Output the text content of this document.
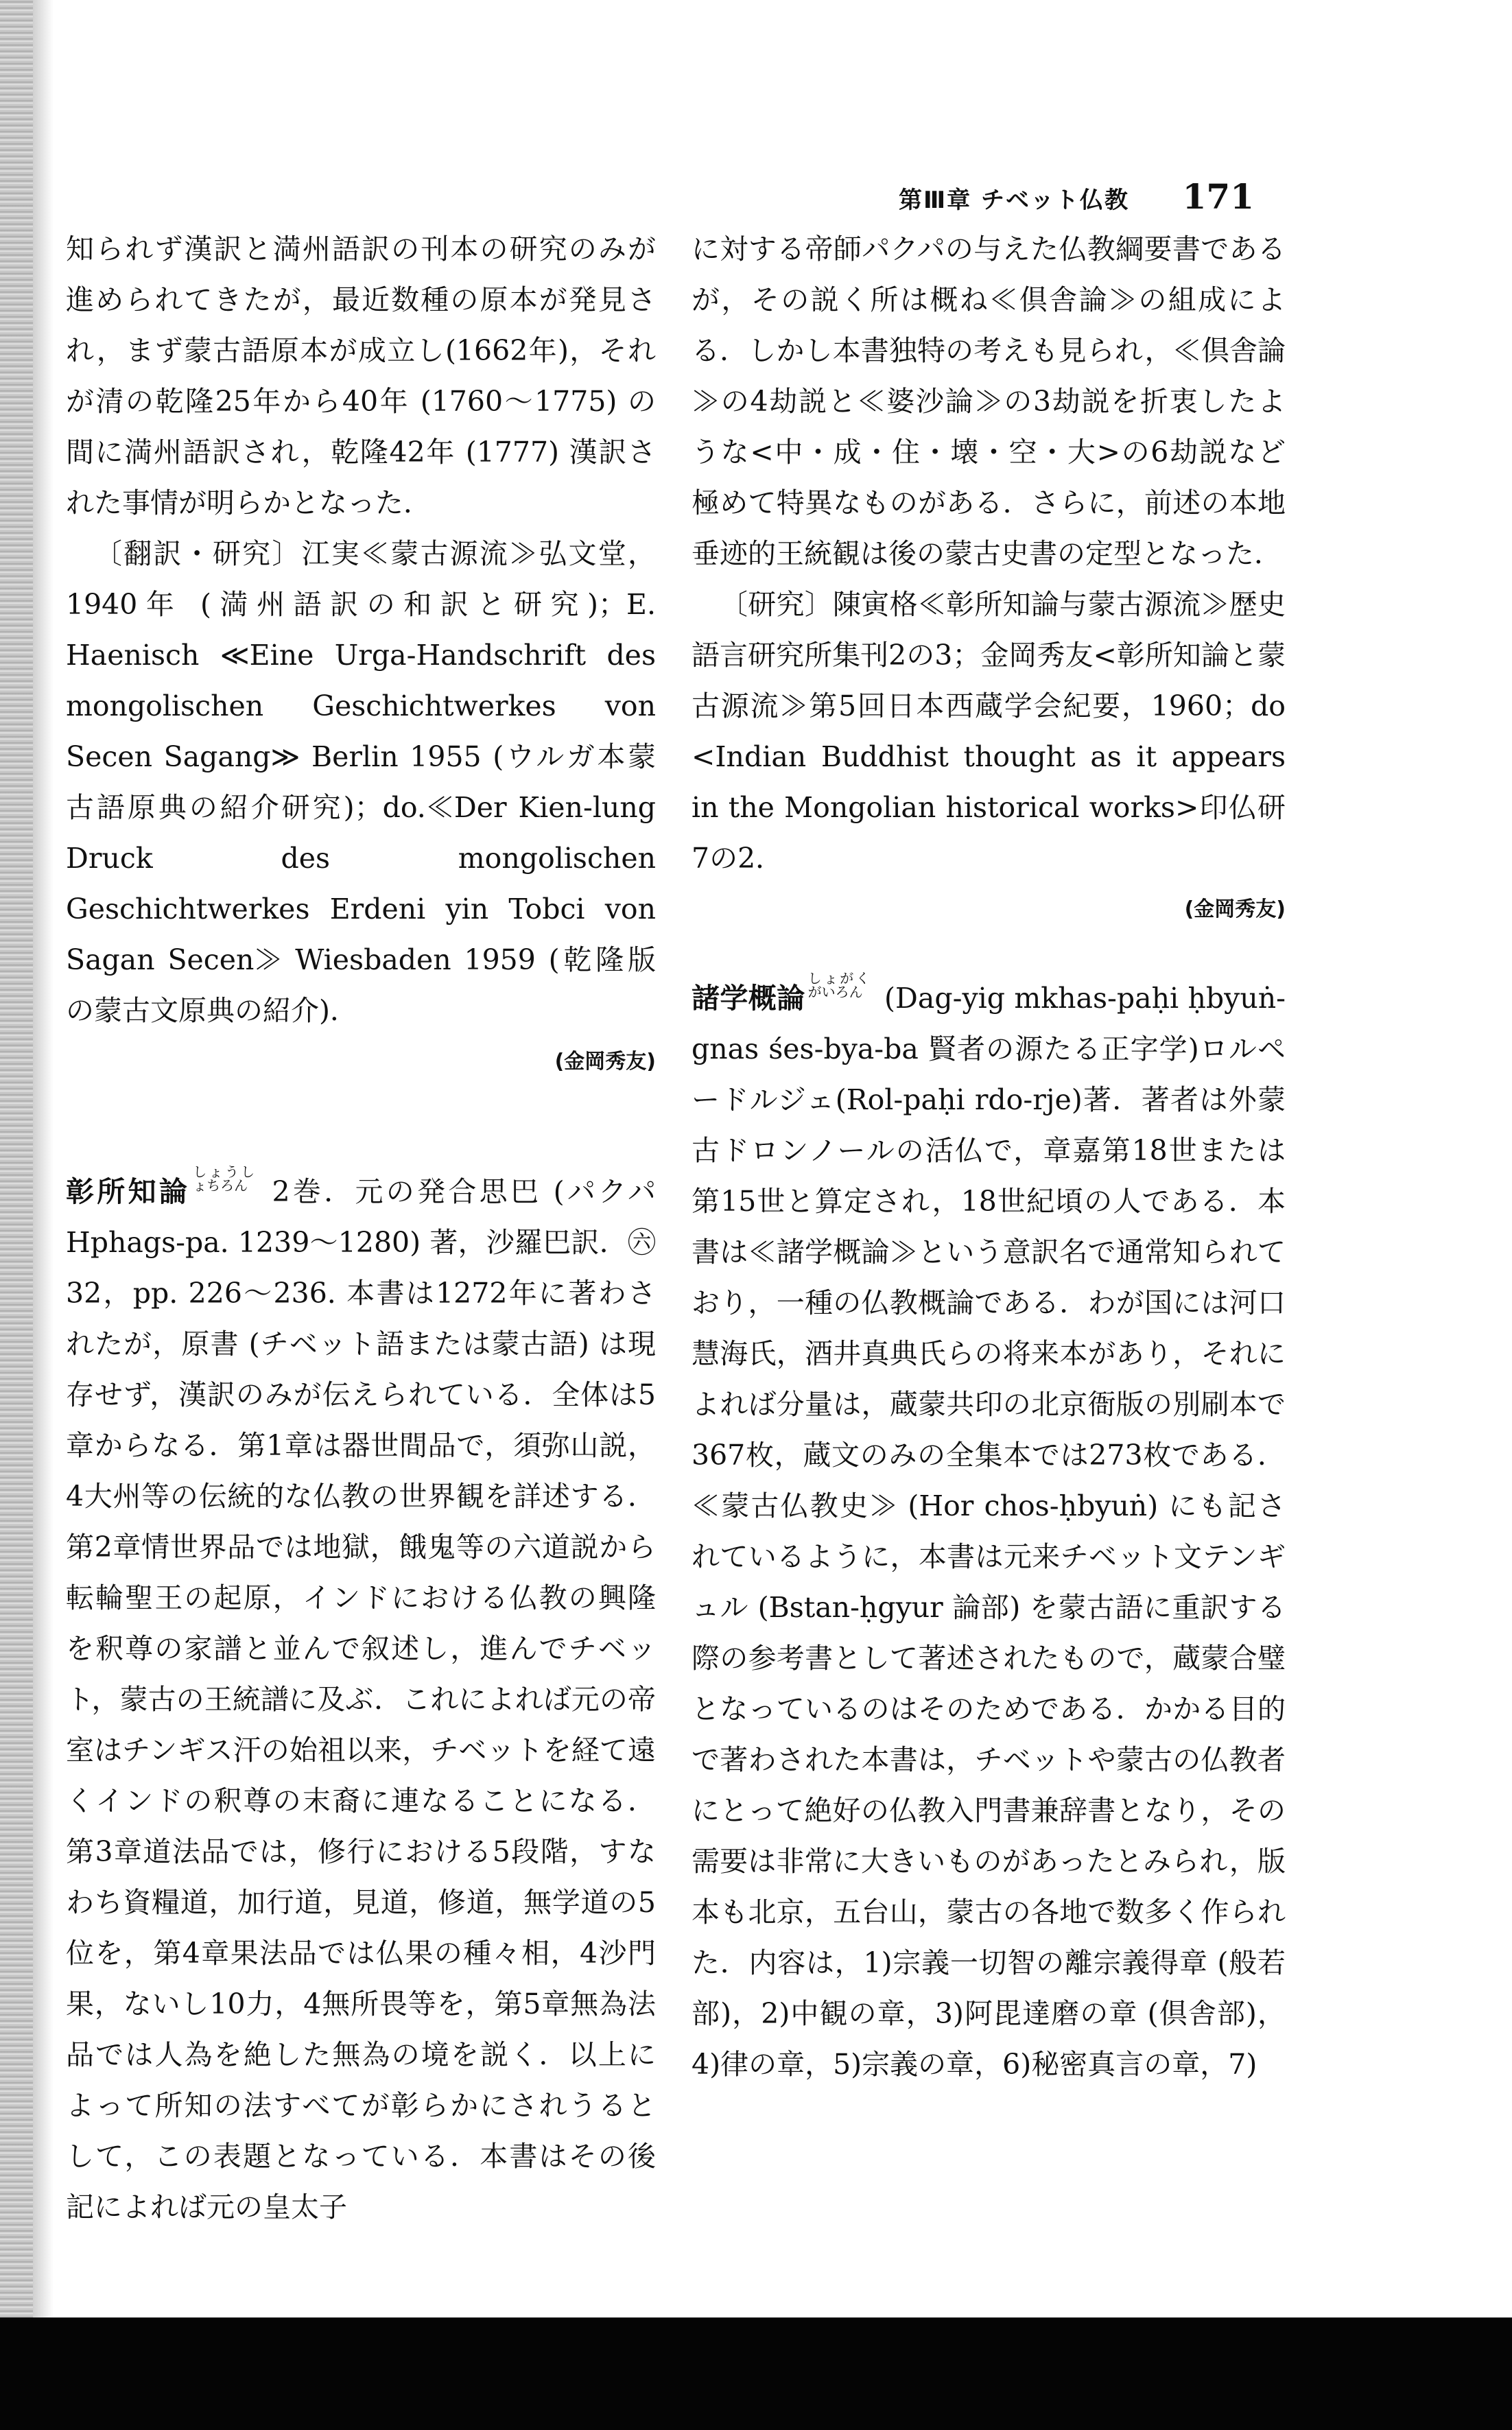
第Ⅲ章 チベット仏教	171

知られず漢訳と満州語訳の刊本の研究のみが進められてきたが，最近数種の原本が発見され，まず蒙古語原本が成立し(1662年)，それが清の乾隆25年から40年 (1760～1775) の間に満州語訳され，乾隆42年 (1777) 漢訳された事情が明らかとなった．

〔翻訳・研究〕江実≪蒙古源流≫弘文堂，1940年 (満州語訳の和訳と研究)；E. Haenisch ≪Eine Urga-Handschrift des mongolischen Geschichtwerkes von Secen Sagang≫ Berlin 1955 (ウルガ本蒙古語原典の紹介研究)；do.≪Der Kien-lung Druck des mongolischen Geschichtwerkes Erdeni yin Tobci von Sagan Secen≫ Wiesbaden 1959 (乾隆版の蒙古文原典の紹介)．

(金岡秀友)

彰所知論しょうしょちろん 2巻．元の発合思巴 (パクパ Hphags-pa. 1239～1280) 著，沙羅巴訳．㊅ 32，pp. 226～236. 本書は1272年に著わされたが，原書 (チベット語または蒙古語) は現存せず，漢訳のみが伝えられている．全体は5章からなる．第1章は器世間品で，須弥山説，4大州等の伝統的な仏教の世界観を詳述する．第2章情世界品では地獄，餓鬼等の六道説から転輪聖王の起原，インドにおける仏教の興隆を釈尊の家譜と並んで叙述し，進んでチベット，蒙古の王統譜に及ぶ．これによれば元の帝室はチンギス汗の始祖以来，チベットを経て遠くインドの釈尊の末裔に連なることになる．第3章道法品では，修行における5段階，すなわち資糧道，加行道，見道，修道，無学道の5位を，第4章果法品では仏果の種々相，4沙門果，ないし10力，4無所畏等を，第5章無為法品では人為を絶した無為の境を説く．以上によって所知の法すべてが彰らかにされうるとして，この表題となっている．本書はその後記によれば元の皇太子

に対する帝師パクパの与えた仏教綱要書であるが，その説く所は概ね≪倶舎論≫の組成による．しかし本書独特の考えも見られ，≪倶舎論≫の4劫説と≪婆沙論≫の3劫説を折衷したような<中・成・住・壊・空・大>の6劫説など極めて特異なものがある．さらに，前述の本地垂迹的王統観は後の蒙古史書の定型となった．

〔研究〕陳寅格≪彰所知論与蒙古源流≫歴史語言研究所集刊2の3；金岡秀友<彰所知論と蒙古源流≫第5回日本西蔵学会紀要，1960；do <Indian Buddhist thought as it appears in the Mongolian historical works>印仏研7の2．

(金岡秀友)

諸学概論しょがくがいろん (Dag-yig mkhas-paḥi ḥbyuṅ-gnas śes-bya-ba 賢者の源たる正字学)ロルペードルジェ(Rol-paḥi rdo-rje)著．著者は外蒙古ドロンノールの活仏で，章嘉第18世または第15世と算定され，18世紀頃の人である．本書は≪諸学概論≫という意訳名で通常知られており，一種の仏教概論である．わが国には河口慧海氏，酒井真典氏らの将来本があり，それによれば分量は，蔵蒙共印の北京衙版の別刷本で367枚，蔵文のみの全集本では273枚である．≪蒙古仏教史≫ (Hor chos-ḥbyuṅ) にも記されているように，本書は元来チベット文テンギュル (Bstan-ḥgyur 論部) を蒙古語に重訳する際の参考書として著述されたもので，蔵蒙合璧となっているのはそのためである．かかる目的で著わされた本書は，チベットや蒙古の仏教者にとって絶好の仏教入門書兼辞書となり，その需要は非常に大きいものがあったとみられ，版本も北京，五台山，蒙古の各地で数多く作られた．内容は，1)宗義一切智の離宗義得章 (般若部)，2)中観の章，3)阿毘達磨の章 (倶舎部)，4)律の章，5)宗義の章，6)秘密真言の章，7)
